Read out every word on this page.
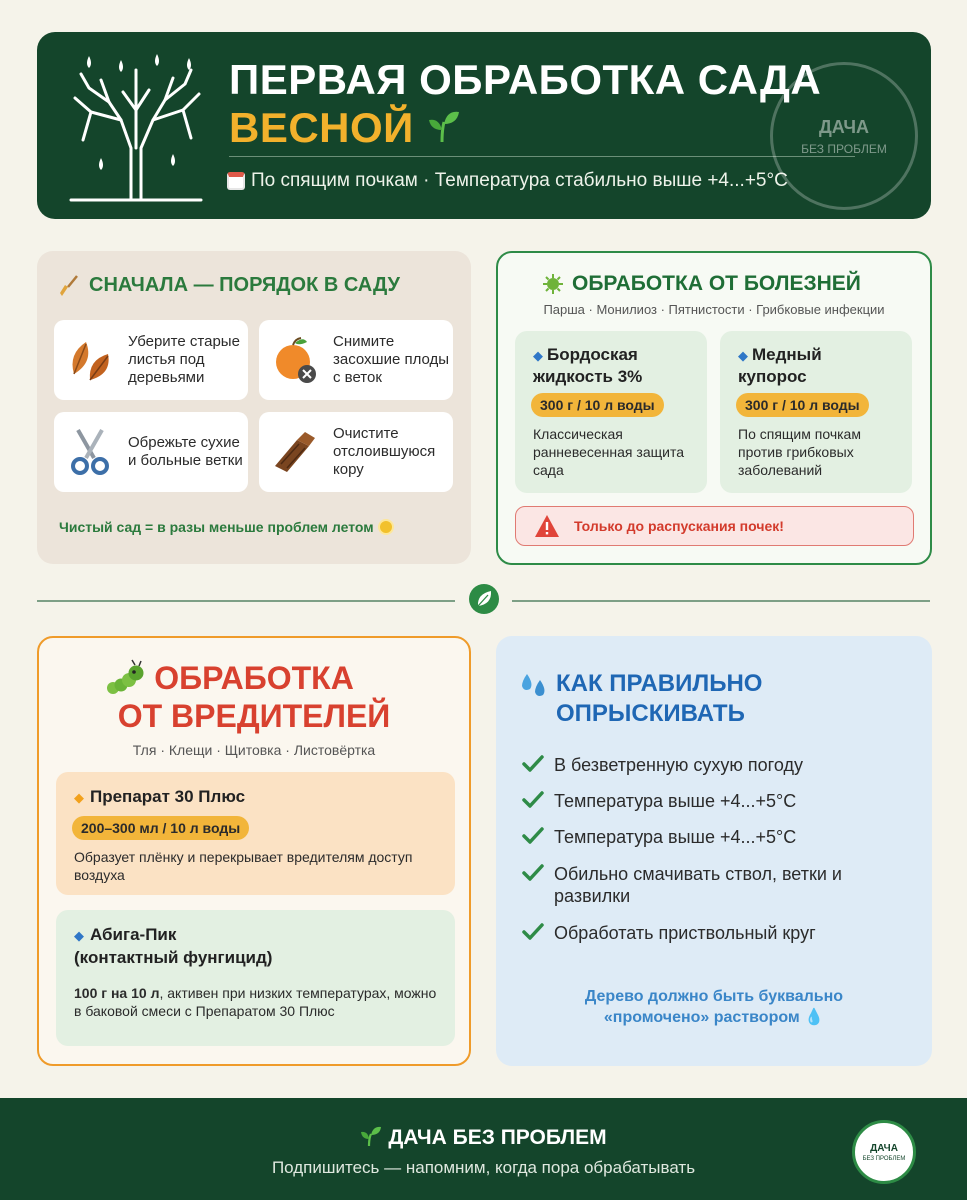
ПЕРВАЯ ОБРАБОТКА САДА
ВЕСНОЙ
По спящим почкам · Температура стабильно выше +4...+5°C
ДАЧА
БЕЗ ПРОБЛЕМ
СНАЧАЛА — ПОРЯДОК В САДУ
Уберите старые листья под деревьями
Снимите засохшие плоды с веток
Обрежьте сухие и больные ветки
Очистите отслоившуюся кору
Чистый сад = в разы меньше проблем летом
ОБРАБОТКА ОТ БОЛЕЗНЕЙ
Парша · Монилиоз · Пятнистости · Грибковые инфекции
◆ Бордоская
жидкость 3%
300 г / 10 л воды
Классическая ранневесенная защита сада
◆ Медный
купорос
300 г / 10 л воды
По спящим почкам против грибковых заболеваний
Только до распускания почек!
ОБРАБОТКА
ОТ ВРЕДИТЕЛЕЙ
Тля · Клещи · Щитовка · Листовёртка
◆ Препарат 30 Плюс
200–300 мл / 10 л воды
Образует плёнку и перекрывает вредителям доступ воздуха
◆ Абига-Пик
(контактный фунгицид)
100 г на 10 л, активен при низких температурах, можно в баковой смеси с Препаратом 30 Плюс
КАК ПРАВИЛЬНО
ОПРЫСКИВАТЬ
В безветренную сухую погоду
Температура выше +4...+5°C
Температура выше +4...+5°C
Обильно смачивать ствол, ветки и развилки
Обработать приствольный круг
Дерево должно быть буквально
«промочено» раствором 💧
ДАЧА БЕЗ ПРОБЛЕМ
Подпишитесь — напомним, когда пора обрабатывать
ДАЧА
БЕЗ ПРОБЛЕМ
